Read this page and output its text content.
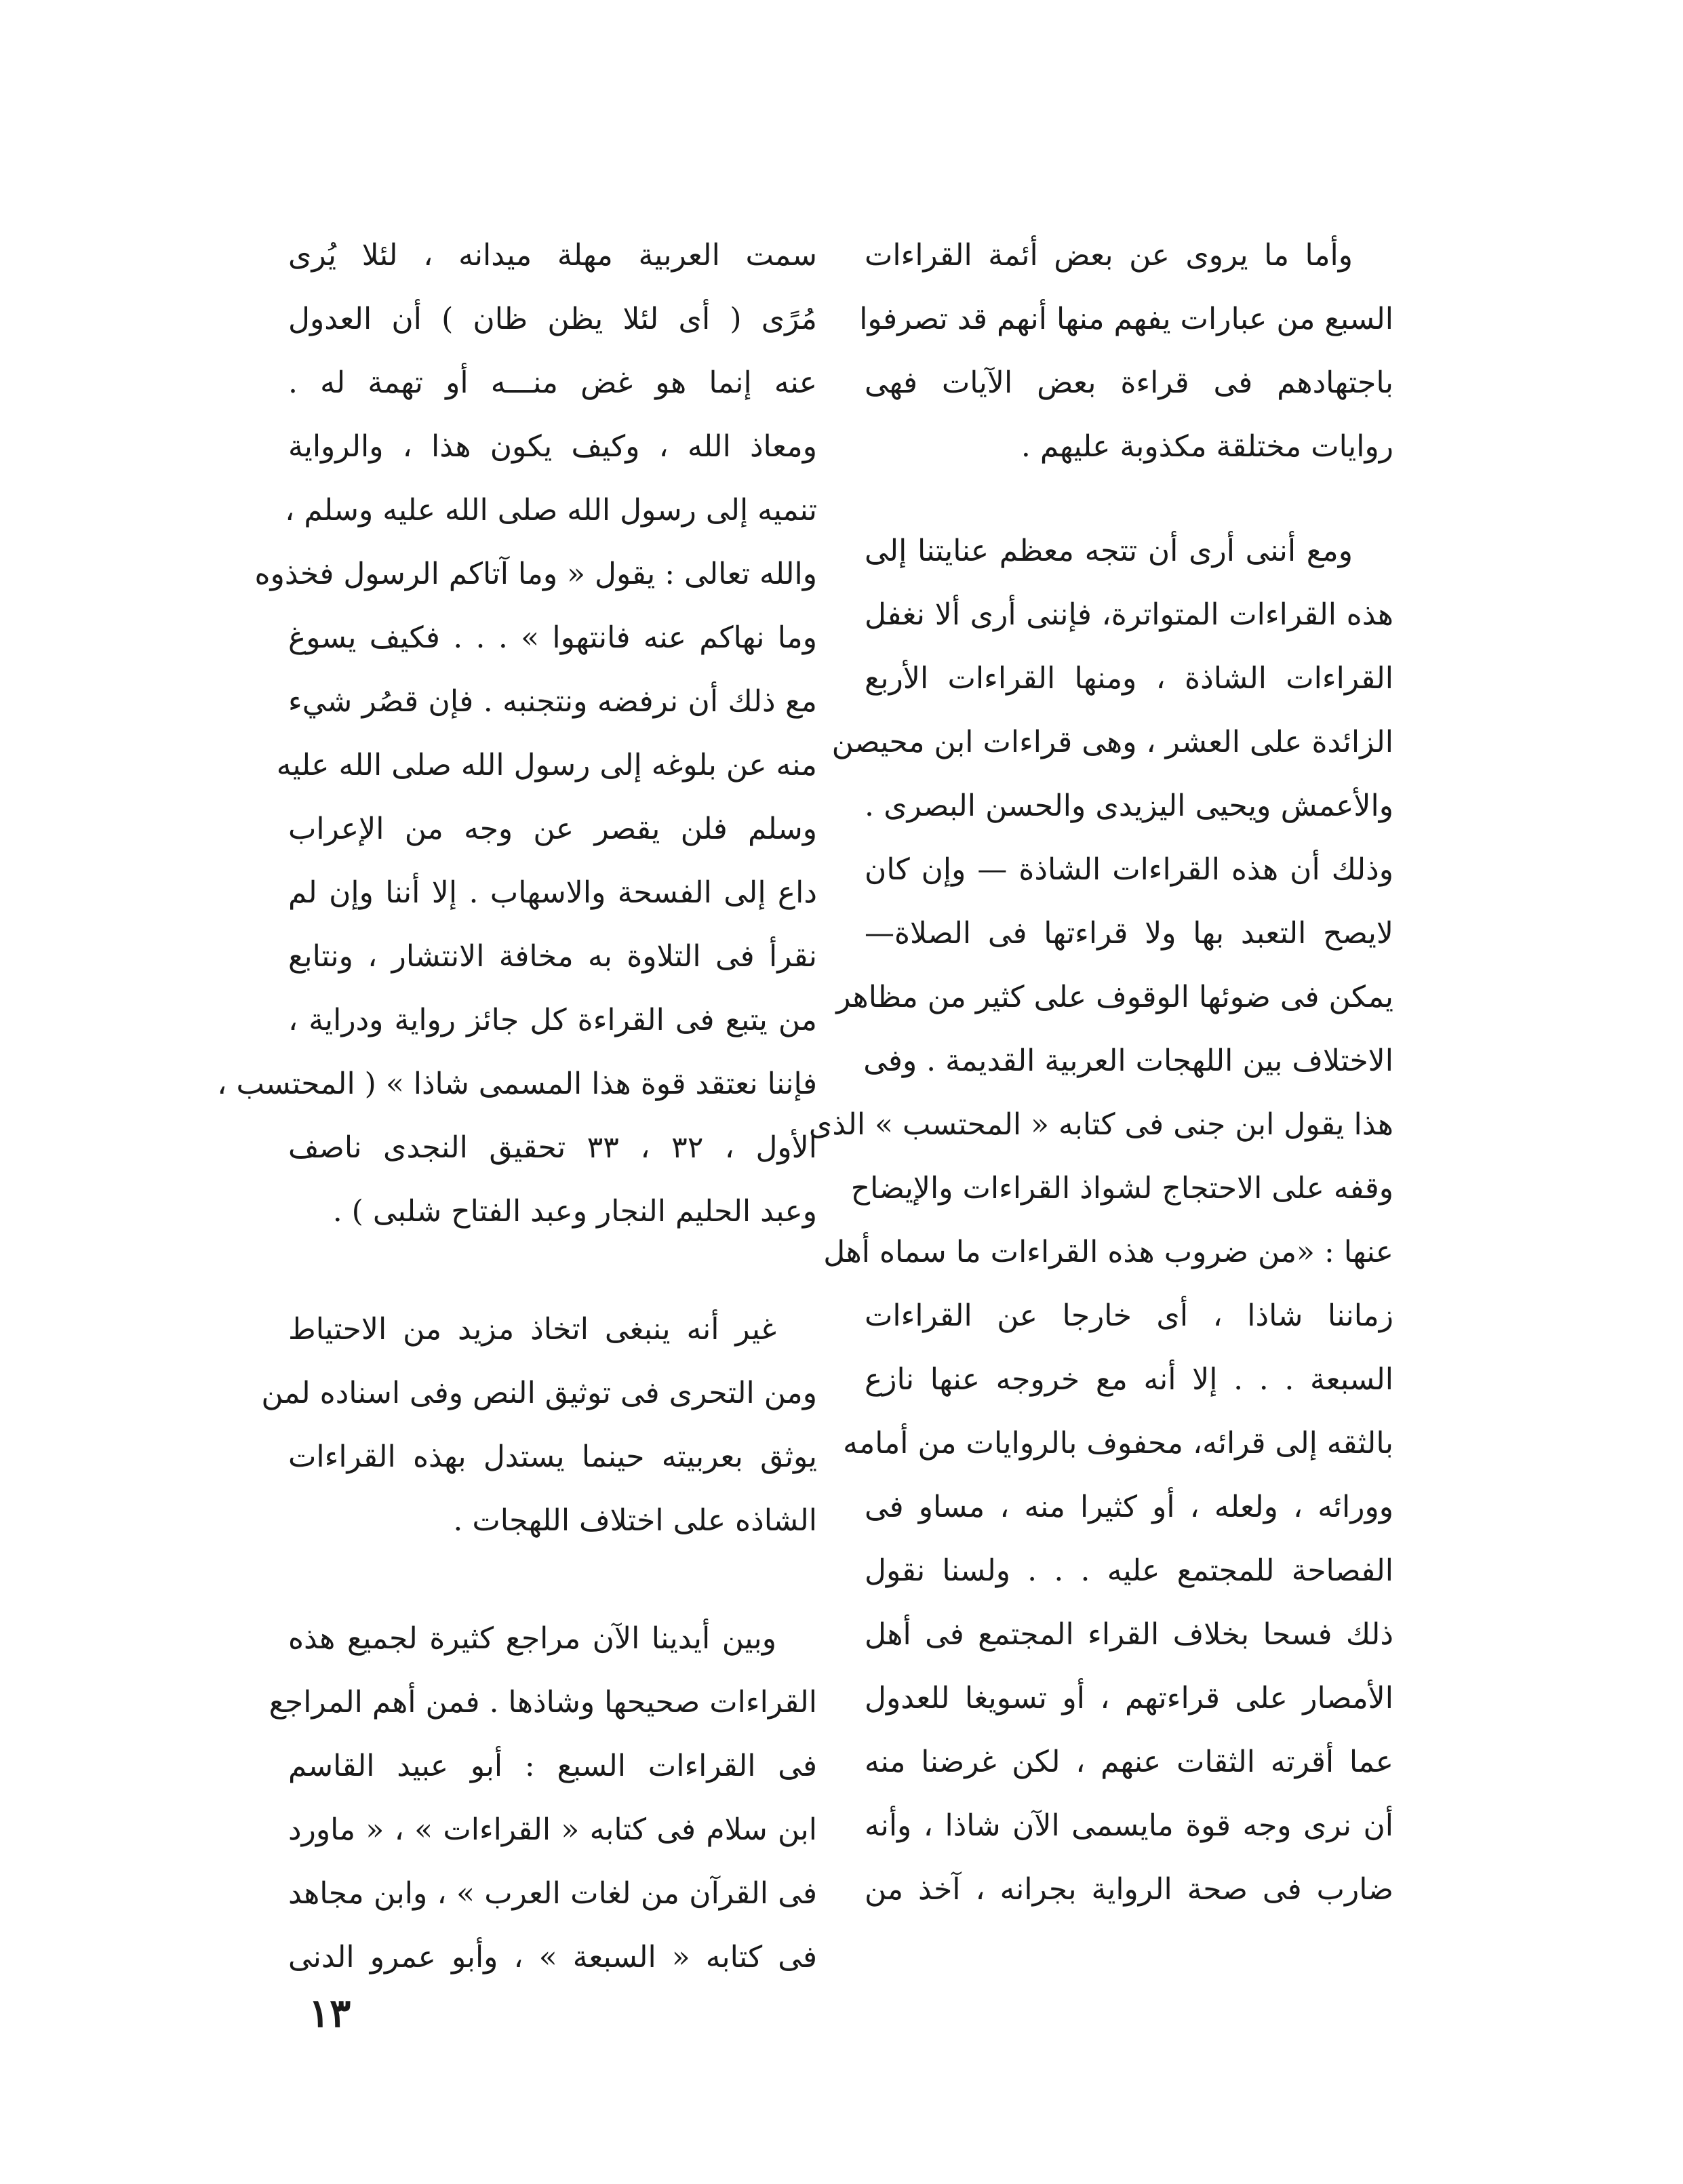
وأما ما يروى عن بعض أئمة القراءات
السبع من عبارات يفهم منها أنهم قد تصرفوا
باجتهادهم فى قراءة بعض الآيات فهى
روايات مختلقة مكذوبة عليهم .
ومع أننى أرى أن تتجه معظم عنايتنا إلى
هذه القراءات المتواترة، فإننى أرى ألا نغفل
القراءات الشاذة ، ومنها القراءات الأربع
الزائدة على العشر ، وهى قراءات ابن محيصن
والأعمش ويحيى اليزيدى والحسن البصرى .
وذلك أن هذه القراءات الشاذة — وإن كان
لايصح التعبد بها ولا قراءتها فى الصلاة—
يمكن فى ضوئها الوقوف على كثير من مظاهر
الاختلاف بين اللهجات العربية القديمة . وفى
هذا يقول ابن جنى فى كتابه « المحتسب » الذى
وقفه على الاحتجاج لشواذ القراءات والإيضاح
عنها : «من ضروب هذه القراءات ما سماه أهل
زماننا شاذا ، أى خارجا عن القراءات
السبعة . . . إلا أنه مع خروجه عنها نازع
بالثقه إلى قرائه، محفوف بالروايات من أمامه
وورائه ، ولعله ، أو كثيرا منه ، مساو فى
الفصاحة للمجتمع عليه . . . ولسنا نقول
ذلك فسحا بخلاف القراء المجتمع فى أهل
الأمصار على قراءتهم ، أو تسويغا للعدول
عما أقرته الثقات عنهم ، لكن غرضنا منه
أن نرى وجه قوة مايسمى الآن شاذا ، وأنه
ضارب فى صحة الرواية بجرانه ، آخذ من
سمت العربية مهلة ميدانه ، لئلا يُرى
مُرًى ( أى لئلا يظن ظان ) أن العدول
عنه إنما هو غض منـــه أو تهمة له .
ومعاذ الله ، وكيف يكون هذا ، والرواية
تنميه إلى رسول الله صلى الله عليه وسلم ،
والله تعالى : يقول « وما آتاكم الرسول فخذوه
وما نهاكم عنه فانتهوا » . . . فكيف يسوغ
مع ذلك أن نرفضه ونتجنبه . فإن قصُر شيء
منه عن بلوغه إلى رسول الله صلى الله عليه
وسلم فلن يقصر عن وجه من الإعراب
داع إلى الفسحة والاسهاب . إلا أننا وإن لم
نقرأ فى التلاوة به مخافة الانتشار ، ونتابع
من يتبع فى القراءة كل جائز رواية ودراية ،
فإننا نعتقد قوة هذا المسمى شاذا » ( المحتسب ،
الأول ، ٣٢ ، ٣٣ تحقيق النجدى ناصف
وعبد الحليم النجار وعبد الفتاح شلبى ) .
غير أنه ينبغى اتخاذ مزيد من الاحتياط
ومن التحرى فى توثيق النص وفى اسناده لمن
يوثق بعربيته حينما يستدل بهذه القراءات
الشاذه على اختلاف اللهجات .
وبين أيدينا الآن مراجع كثيرة لجميع هذه
القراءات صحيحها وشاذها . فمن أهم المراجع
فى القراءات السبع : أبو عبيد القاسم
ابن سلام فى كتابه « القراءات » ، « ماورد
فى القرآن من لغات العرب » ، وابن مجاهد
فى كتابه « السبعة » ، وأبو عمرو الدنى
١٣
